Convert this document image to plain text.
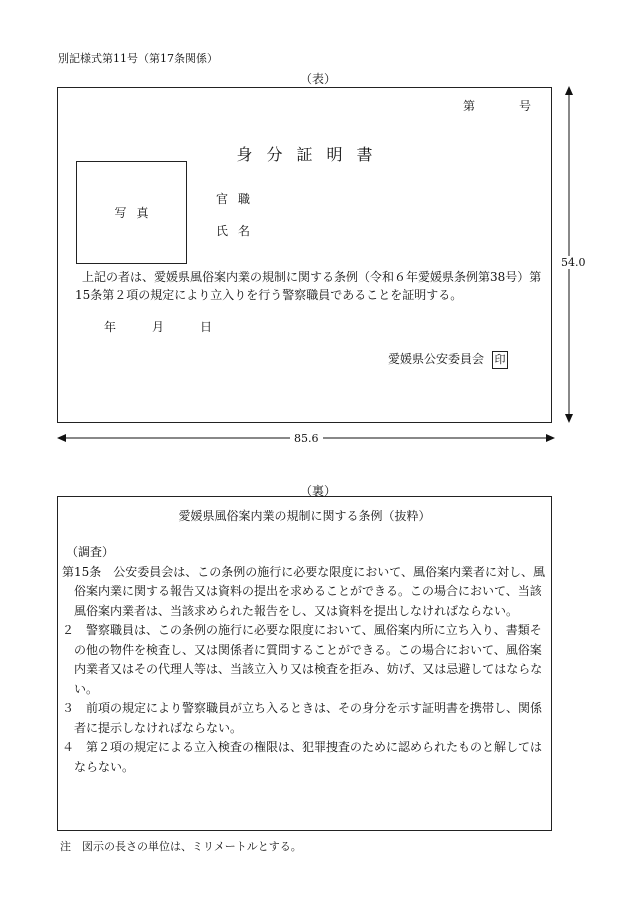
別記様式第11号（第17条関係）
（表）
第	号
身分証明書
写真
官職
氏名
上記の者は、愛媛県風俗案内業の規制に関する条例（令和６年愛媛県条例第38号）第15条第２項の規定により立入りを行う警察職員であることを証明する。
年	月	日
愛媛県公安委員会 印
54.0
85.6
（裏）
愛媛県風俗案内業の規制に関する条例（抜粋）
（調査）

第15条　公安委員会は、この条例の施行に必要な限度において、風俗案内業者に対し、風俗案内業に関する報告又は資料の提出を求めることができる。この場合において、当該風俗案内業者は、当該求められた報告をし、又は資料を提出しなければならない。

２　警察職員は、この条例の施行に必要な限度において、風俗案内所に立ち入り、書類その他の物件を検査し、又は関係者に質問することができる。この場合において、風俗案内業者又はその代理人等は、当該立入り又は検査を拒み、妨げ、又は忌避してはならない。

３　前項の規定により警察職員が立ち入るときは、その身分を示す証明書を携帯し、関係者に提示しなければならない。

４　第２項の規定による立入検査の権限は、犯罪捜査のために認められたものと解してはならない。

注　図示の長さの単位は、ミリメートルとする。
